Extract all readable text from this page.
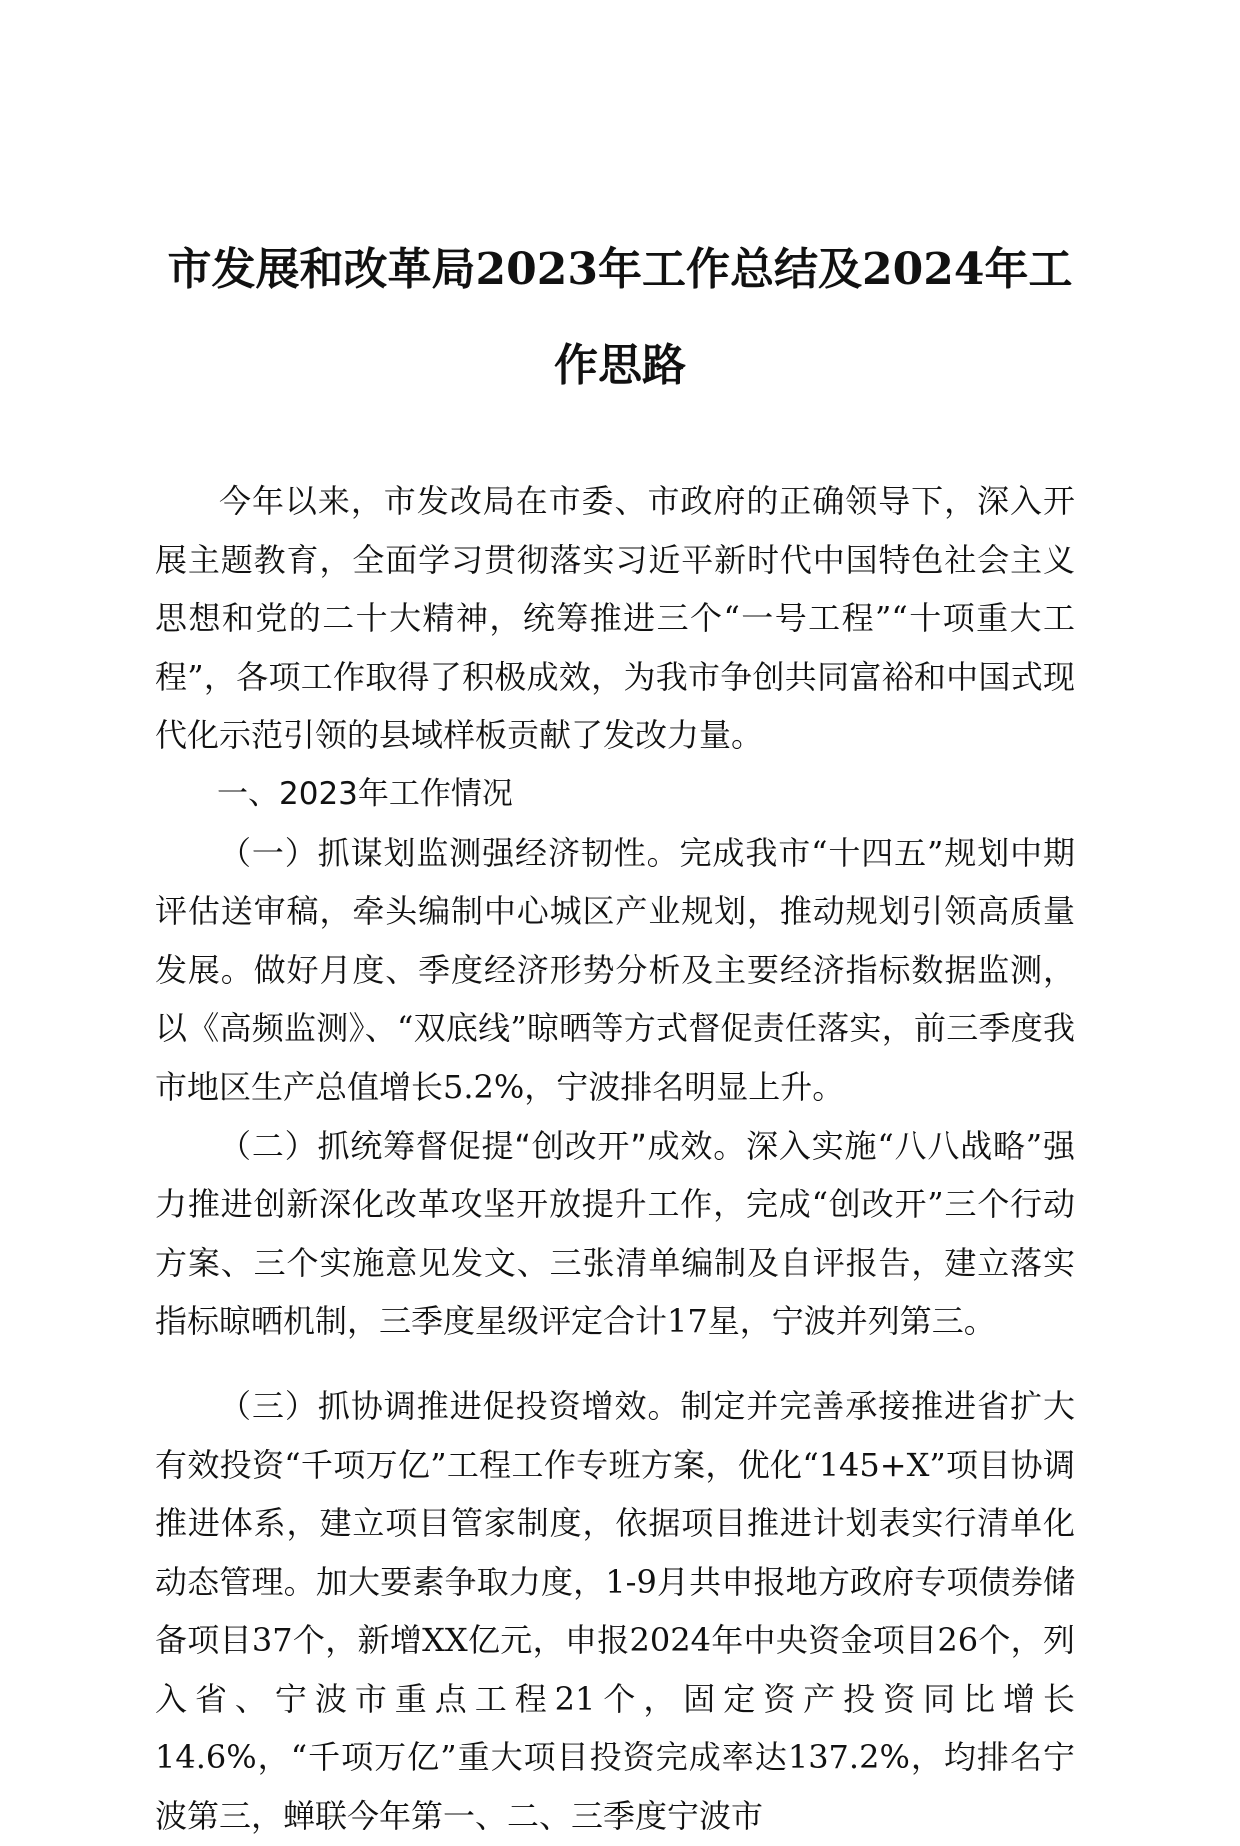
市发展和改革局2023年工作总结及2024年工
作思路

今年以来，市发改局在市委、市政府的正确领导下，深入开展主题教育，全面学习贯彻落实习近平新时代中国特色社会主义思想和党的二十大精神，统筹推进三个“一号工程”“十项重大工程”，各项工作取得了积极成效，为我市争创共同富裕和中国式现代化示范引领的县域样板贡献了发改力量。

一、2023年工作情况

（一）抓谋划监测强经济韧性。完成我市“十四五”规划中期评估送审稿，牵头编制中心城区产业规划，推动规划引领高质量发展。做好月度、季度经济形势分析及主要经济指标数据监测，以《高频监测》、“双底线”晾晒等方式督促责任落实，前三季度我市地区生产总值增长5.2%，宁波排名明显上升。

（二）抓统筹督促提“创改开”成效。深入实施“八八战略”强力推进创新深化改革攻坚开放提升工作，完成“创改开”三个行动方案、三个实施意见发文、三张清单编制及自评报告，建立落实指标晾晒机制，三季度星级评定合计17星，宁波并列第三。

（三）抓协调推进促投资增效。制定并完善承接推进省扩大有效投资“千项万亿”工程工作专班方案，优化“145+X”项目协调推进体系，建立项目管家制度，依据项目推进计划表实行清单化动态管理。加大要素争取力度，1-9月共申报地方政府专项债券储备项目37个，新增XX亿元，申报2024年中央资金项目26个，列入省、宁波市重点工程21个，固定资产投资同比增长14.6%，“千项万亿”重大项目投资完成率达137.2%，均排名宁波第三，蝉联今年第一、二、三季度宁波市
